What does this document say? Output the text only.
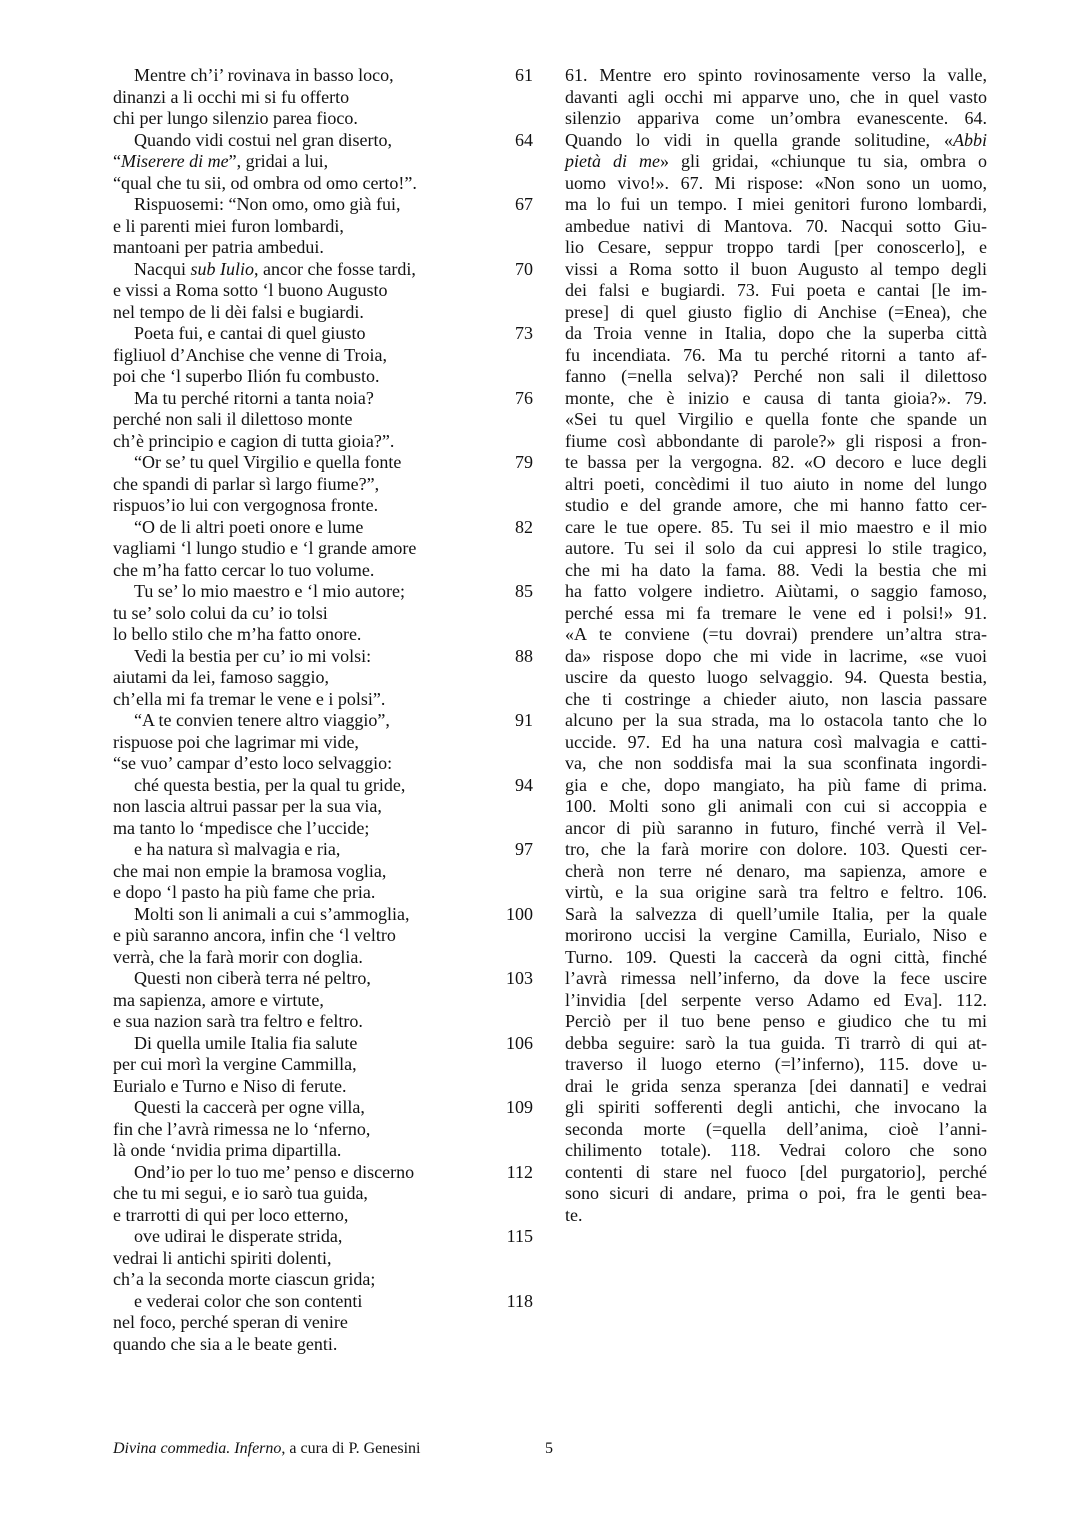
Mentre ch’i’ rovinava in basso loco,	61
dinanzi a li occhi mi si fu offerto
chi per lungo silenzio parea fioco.
Quando vidi costui nel gran diserto,	64
“Miserere di me”, gridai a lui,
“qual che tu sii, od ombra od omo certo!”.
Rispuosemi: “Non omo, omo già fui,	67
e li parenti miei furon lombardi,
mantoani per patria ambedui.
Nacqui sub Iulio, ancor che fosse tardi,	70
e vissi a Roma sotto ‘l buono Augusto
nel tempo de li dèi falsi e bugiardi.
Poeta fui, e cantai di quel giusto	73
figliuol d’Anchise che venne di Troia,
poi che ‘l superbo Ilión fu combusto.
Ma tu perché ritorni a tanta noia?	76
perché non sali il dilettoso monte
ch’è principio e cagion di tutta gioia?”.
“Or se’ tu quel Virgilio e quella fonte	79
che spandi di parlar sì largo fiume?”,
rispuos’io lui con vergognosa fronte.
“O de li altri poeti onore e lume	82
vagliami ‘l lungo studio e ‘l grande amore
che m’ha fatto cercar lo tuo volume.
Tu se’ lo mio maestro e ‘l mio autore;	85
tu se’ solo colui da cu’ io tolsi
lo bello stilo che m’ha fatto onore.
Vedi la bestia per cu’ io mi volsi:	88
aiutami da lei, famoso saggio,
ch’ella mi fa tremar le vene e i polsi”.
“A te convien tenere altro viaggio”,	91
rispuose poi che lagrimar mi vide,
“se vuo’ campar d’esto loco selvaggio:
ché questa bestia, per la qual tu gride,	94
non lascia altrui passar per la sua via,
ma tanto lo ‘mpedisce che l’uccide;
e ha natura sì malvagia e ria,	97
che mai non empie la bramosa voglia,
e dopo ‘l pasto ha più fame che pria.
Molti son li animali a cui s’ammoglia,	100
e più saranno ancora, infin che ‘l veltro
verrà, che la farà morir con doglia.
Questi non ciberà terra né peltro,	103
ma sapienza, amore e virtute,
e sua nazion sarà tra feltro e feltro.
Di quella umile Italia fia salute	106
per cui morì la vergine Cammilla,
Eurialo e Turno e Niso di ferute.
Questi la caccerà per ogne villa,	109
fin che l’avrà rimessa ne lo ‘nferno,
là onde ‘nvidia prima dipartilla.
Ond’io per lo tuo me’ penso e discerno	112
che tu mi segui, e io sarò tua guida,
e trarrotti di qui per loco etterno,
ove udirai le disperate strida,	115
vedrai li antichi spiriti dolenti,
ch’a la seconda morte ciascun grida;
e vederai color che son contenti	118
nel foco, perché speran di venire
quando che sia a le beate genti.
61. Mentre ero spinto rovinosamente verso la valle,
davanti agli occhi mi apparve uno, che in quel vasto
silenzio appariva come un’ombra evanescente. 64.
Quando lo vidi in quella grande solitudine, «Abbi
pietà di me» gli gridai, «chiunque tu sia, ombra o
uomo vivo!». 67. Mi rispose: «Non sono un uomo,
ma lo fui un tempo. I miei genitori furono lombardi,
ambedue nativi di Mantova. 70. Nacqui sotto Giu-
lio Cesare, seppur troppo tardi [per conoscerlo], e
vissi a Roma sotto il buon Augusto al tempo degli
dei falsi e bugiardi. 73. Fui poeta e cantai [le im-
prese] di quel giusto figlio di Anchise (=Enea), che
da Troia venne in Italia, dopo che la superba città
fu incendiata. 76. Ma tu perché ritorni a tanto af-
fanno (=nella selva)? Perché non sali il dilettoso
monte, che è inizio e causa di tanta gioia?». 79.
«Sei tu quel Virgilio e quella fonte che spande un
fiume così abbondante di parole?» gli risposi a fron-
te bassa per la vergogna. 82. «O decoro e luce degli
altri poeti, concèdimi il tuo aiuto in nome del lungo
studio e del grande amore, che mi hanno fatto cer-
care le tue opere. 85. Tu sei il mio maestro e il mio
autore. Tu sei il solo da cui appresi lo stile tragico,
che mi ha dato la fama. 88. Vedi la bestia che mi
ha fatto volgere indietro. Aiùtami, o saggio famoso,
perché essa mi fa tremare le vene ed i polsi!» 91.
«A te conviene (=tu dovrai) prendere un’altra stra-
da» rispose dopo che mi vide in lacrime, «se vuoi
uscire da questo luogo selvaggio. 94. Questa bestia,
che ti costringe a chieder aiuto, non lascia passare
alcuno per la sua strada, ma lo ostacola tanto che lo
uccide. 97. Ed ha una natura così malvagia e catti-
va, che non soddisfa mai la sua sconfinata ingordi-
gia e che, dopo mangiato, ha più fame di prima.
100. Molti sono gli animali con cui si accoppia e
ancor di più saranno in futuro, finché verrà il Vel-
tro, che la farà morire con dolore. 103. Questi cer-
cherà non terre né denaro, ma sapienza, amore e
virtù, e la sua origine sarà tra feltro e feltro. 106.
Sarà la salvezza di quell’umile Italia, per la quale
morirono uccisi la vergine Camilla, Eurialo, Niso e
Turno. 109. Questi la caccerà da ogni città, finché
l’avrà rimessa nell’inferno, da dove la fece uscire
l’invidia [del serpente verso Adamo ed Eva]. 112.
Perciò per il tuo bene penso e giudico che tu mi
debba seguire: sarò la tua guida. Ti trarrò di qui at-
traverso il luogo eterno (=l’inferno), 115. dove u-
drai le grida senza speranza [dei dannati] e vedrai
gli spiriti sofferenti degli antichi, che invocano la
seconda morte (=quella dell’anima, cioè l’anni-
chilimento totale). 118. Vedrai coloro che sono
contenti di stare nel fuoco [del purgatorio], perché
sono sicuri di andare, prima o poi, fra le genti bea-
te.
Divina commedia. Inferno, a cura di P. Genesini	5
